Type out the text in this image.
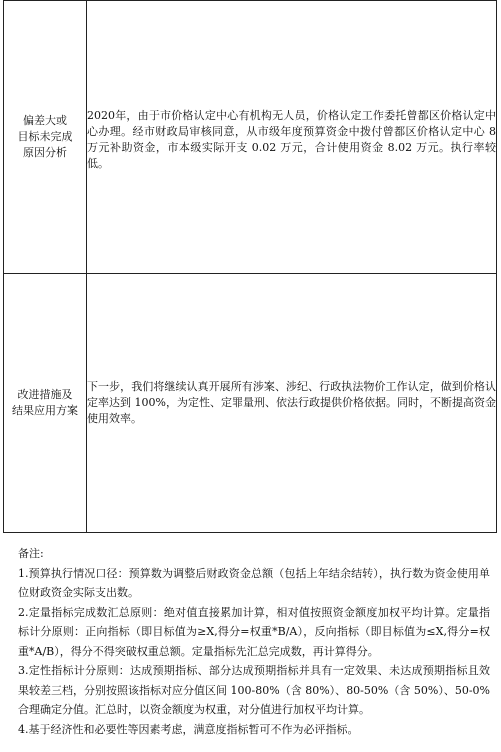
偏差大或
目标未完成
原因分析	2020年，由于市价格认定中心有机构无人员，价格认定工作委托曾都区价格认定中心办理。经市财政局审核同意，从市级年度预算资金中拨付曾都区价格认定中心 8 万元补助资金，市本级实际开支 0.02 万元，合计使用资金 8.02 万元。执行率较低。

改进措施及
结果应用方案	下一步，我们将继续认真开展所有涉案、涉纪、行政执法物价工作认定，做到价格认定率达到 100%，为定性、定罪量刑、依法行政提供价格依据。同时，不断提高资金使用效率。

备注:

1.预算执行情况口径：预算数为调整后财政资金总额（包括上年结余结转），执行数为资金使用单位财政资金实际支出数。

2.定量指标完成数汇总原则：绝对值直接累加计算，相对值按照资金额度加权平均计算。定量指标计分原则：正向指标（即目标值为≥X,得分=权重*B/A），反向指标（即目标值为≤X,得分=权重*A/B），得分不得突破权重总额。定量指标先汇总完成数，再计算得分。

3.定性指标计分原则：达成预期指标、部分达成预期指标并具有一定效果、未达成预期指标且效果较差三档，分别按照该指标对应分值区间 100-80%（含 80%）、80-50%（含 50%）、50-0%合理确定分值。汇总时，以资金额度为权重，对分值进行加权平均计算。

4.基于经济性和必要性等因素考虑，满意度指标暂可不作为必评指标。
